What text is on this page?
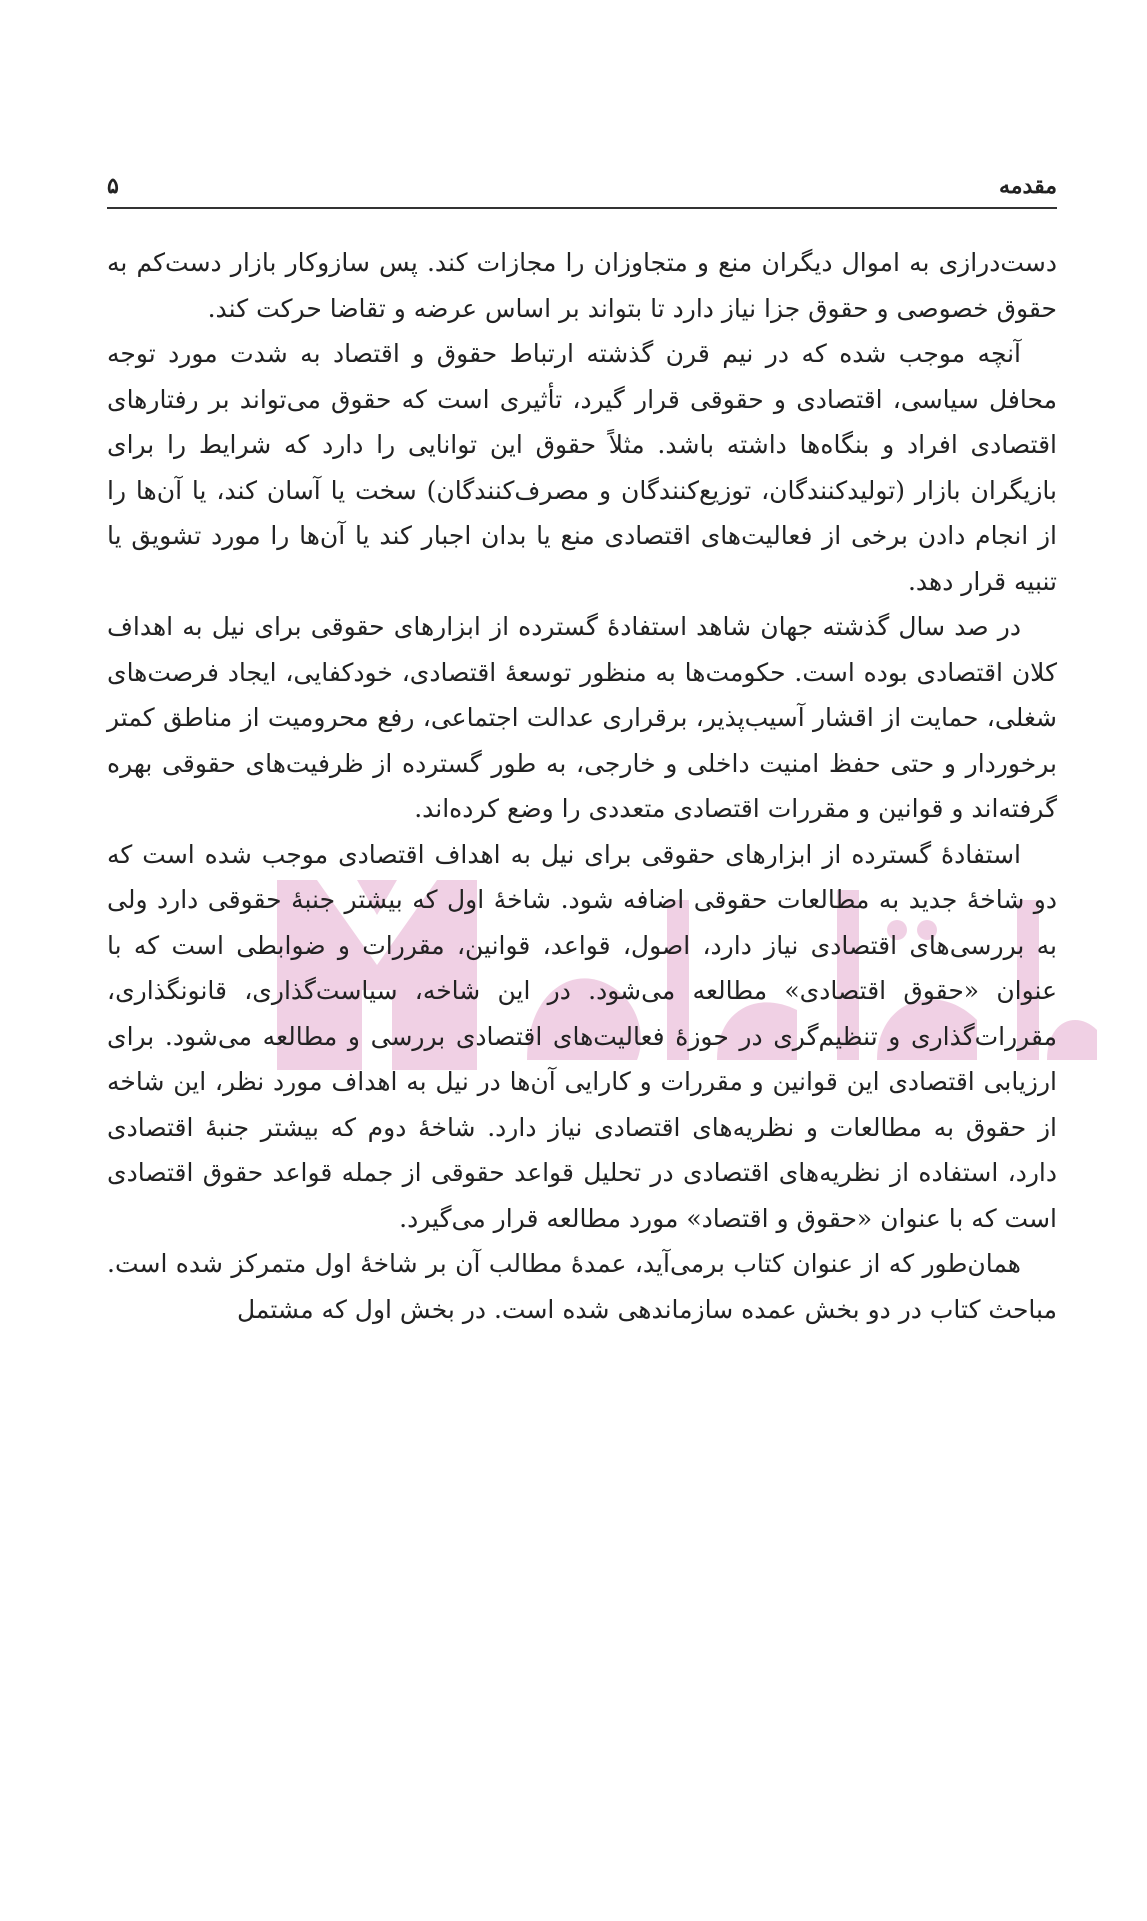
مقدمه
۵

دست‌درازی به اموال دیگران منع و متجاوزان را مجازات کند. پس سازوکار بازار دست‌کم به حقوق خصوصی و حقوق جزا نیاز دارد تا بتواند بر اساس عرضه و تقاضا حرکت کند.

آنچه موجب شده که در نیم قرن گذشته ارتباط حقوق و اقتصاد به شدت مورد توجه محافل سیاسی، اقتصادی و حقوقی قرار گیرد، تأثیری است که حقوق می‌تواند بر رفتارهای اقتصادی افراد و بنگاه‌ها داشته باشد. مثلاً حقوق این توانایی را دارد که شرایط را برای بازیگران بازار (تولیدکنندگان، توزیع‌کنندگان و مصرف‌کنندگان) سخت یا آسان کند، یا آن‌ها را از انجام دادن برخی از فعالیت‌های اقتصادی منع یا بدان اجبار کند یا آن‌ها را مورد تشویق یا تنبیه قرار دهد.

در صد سال گذشته جهان شاهد استفادهٔ گسترده از ابزارهای حقوقی برای نیل به اهداف کلان اقتصادی بوده است. حکومت‌ها به منظور توسعهٔ اقتصادی، خودکفایی، ایجاد فرصت‌های شغلی، حمایت از اقشار آسیب‌پذیر، برقراری عدالت اجتماعی، رفع محرومیت از مناطق کمتر برخوردار و حتی حفظ امنیت داخلی و خارجی، به طور گسترده از ظرفیت‌های حقوقی بهره گرفته‌اند و قوانین و مقررات اقتصادی متعددی را وضع کرده‌اند.

استفادهٔ گسترده از ابزارهای حقوقی برای نیل به اهداف اقتصادی موجب شده است که دو شاخهٔ جدید به مطالعات حقوقی اضافه شود. شاخهٔ اول که بیشتر جنبهٔ حقوقی دارد ولی به بررسی‌های اقتصادی نیاز دارد، اصول، قواعد، قوانین، مقررات و ضوابطی است که با عنوان «حقوق اقتصادی» مطالعه می‌شود. در این شاخه، سیاست‌گذاری، قانونگذاری، مقررات‌گذاری و تنظیم‌گری در حوزهٔ فعالیت‌های اقتصادی بررسی و مطالعه می‌شود. برای ارزیابی اقتصادی این قوانین و مقررات و کارایی آن‌ها در نیل به اهداف مورد نظر، این شاخه از حقوق به مطالعات و نظریه‌های اقتصادی نیاز دارد. شاخهٔ دوم که بیشتر جنبهٔ اقتصادی دارد، استفاده از نظریه‌های اقتصادی در تحلیل قواعد حقوقی از جمله قواعد حقوق اقتصادی است که با عنوان «حقوق و اقتصاد» مورد مطالعه قرار می‌گیرد.

همان‌طور که از عنوان کتاب برمی‌آید، عمدهٔ مطالب آن بر شاخهٔ اول متمرکز شده است. مباحث کتاب در دو بخش عمده سازماندهی شده است. در بخش اول که مشتمل
